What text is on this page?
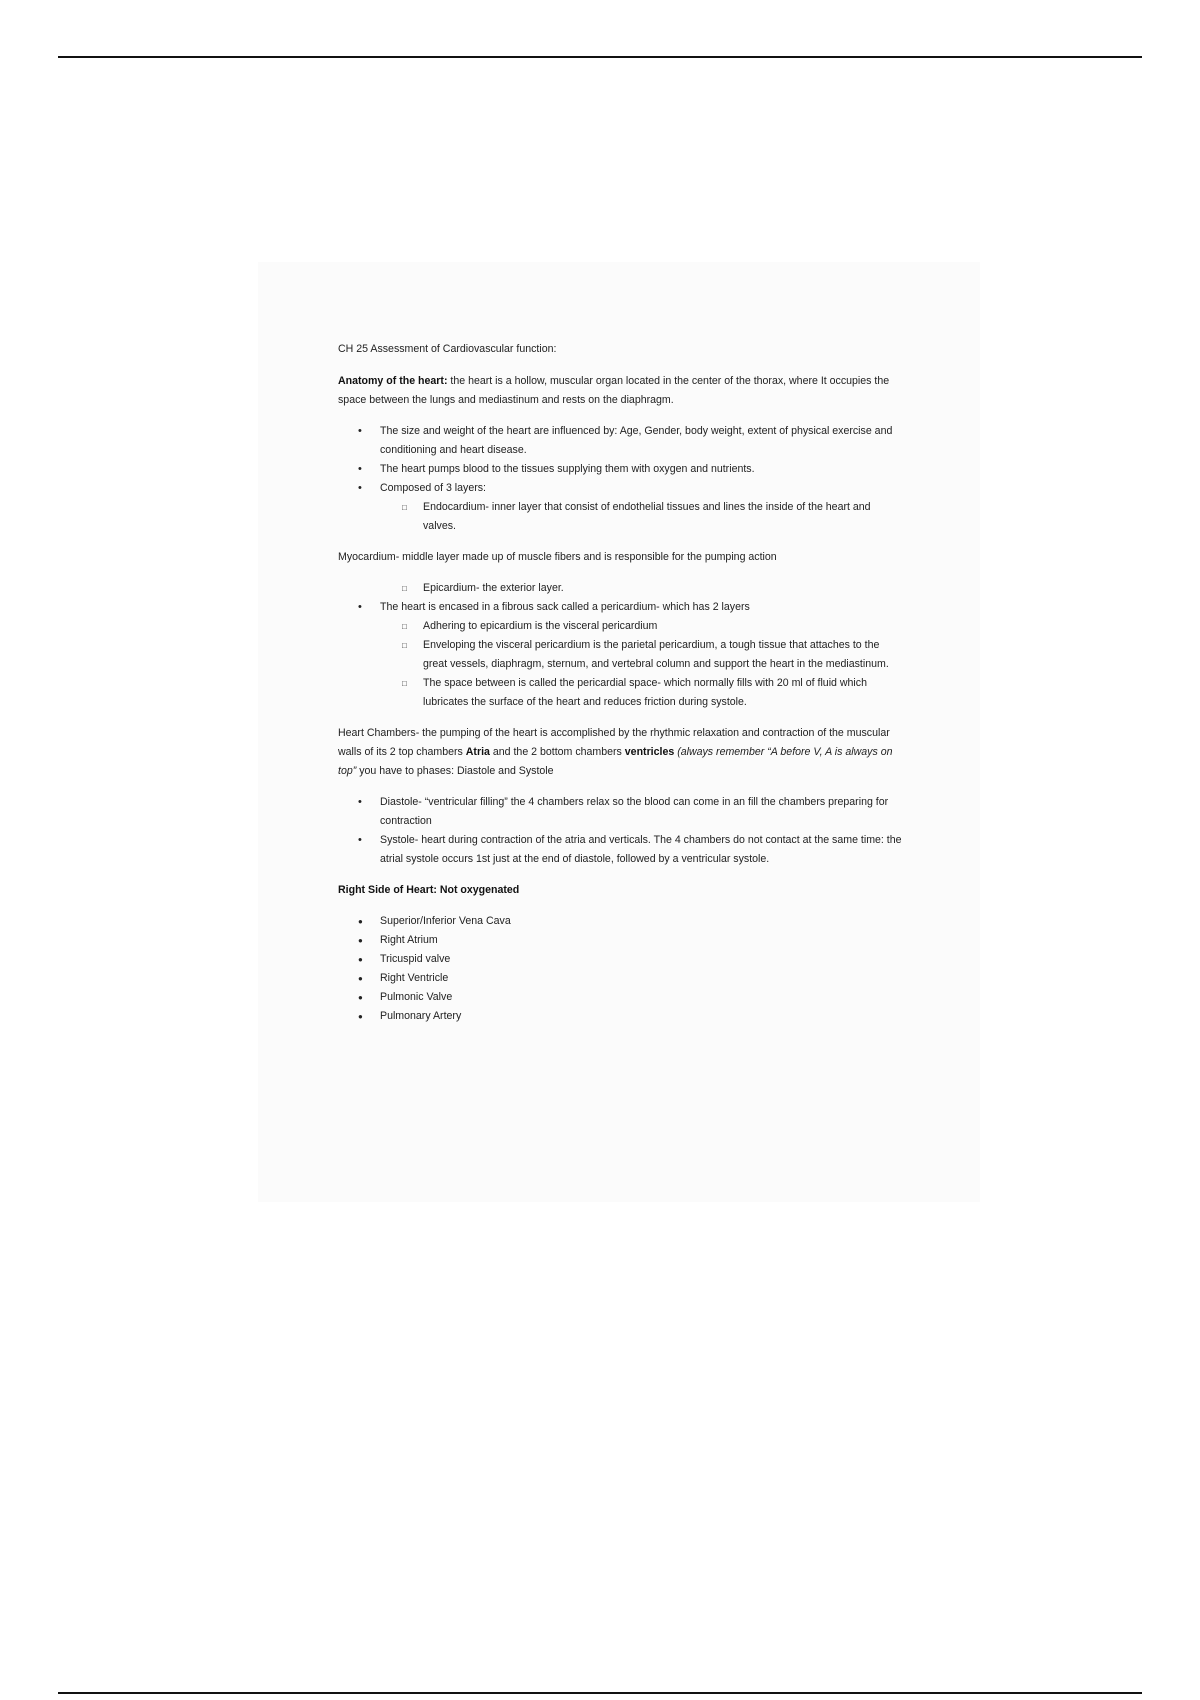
CH 25 Assessment of Cardiovascular function:

Anatomy of the heart: the heart is a hollow, muscular organ located in the center of the thorax, where It occupies the space between the lungs and mediastinum and rests on the diaphragm.

• The size and weight of the heart are influenced by: Age, Gender, body weight, extent of physical exercise and conditioning and heart disease.
• The heart pumps blood to the tissues supplying them with oxygen and nutrients.
• Composed of 3 layers:
□ Endocardium- inner layer that consist of endothelial tissues and lines the inside of the heart and valves.

Myocardium- middle layer made up of muscle fibers and is responsible for the pumping action

□ Epicardium- the exterior layer.
• The heart is encased in a fibrous sack called a pericardium- which has 2 layers
□ Adhering to epicardium is the visceral pericardium
□ Enveloping the visceral pericardium is the parietal pericardium, a tough tissue that attaches to the great vessels, diaphragm, sternum, and vertebral column and support the heart in the mediastinum.
□ The space between is called the pericardial space- which normally fills with 20 ml of fluid which lubricates the surface of the heart and reduces friction during systole.

Heart Chambers- the pumping of the heart is accomplished by the rhythmic relaxation and contraction of the muscular walls of its 2 top chambers Atria and the 2 bottom chambers ventricles (always remember “A before V, A is always on top” you have to phases: Diastole and Systole

• Diastole- “ventricular filling” the 4 chambers relax so the blood can come in an fill the chambers preparing for contraction
• Systole- heart during contraction of the atria and verticals. The 4 chambers do not contact at the same time: the atrial systole occurs 1st just at the end of diastole, followed by a ventricular systole.

Right Side of Heart: Not oxygenated

● Superior/Inferior Vena Cava
● Right Atrium
● Tricuspid valve
● Right Ventricle
● Pulmonic Valve
● Pulmonary Artery
